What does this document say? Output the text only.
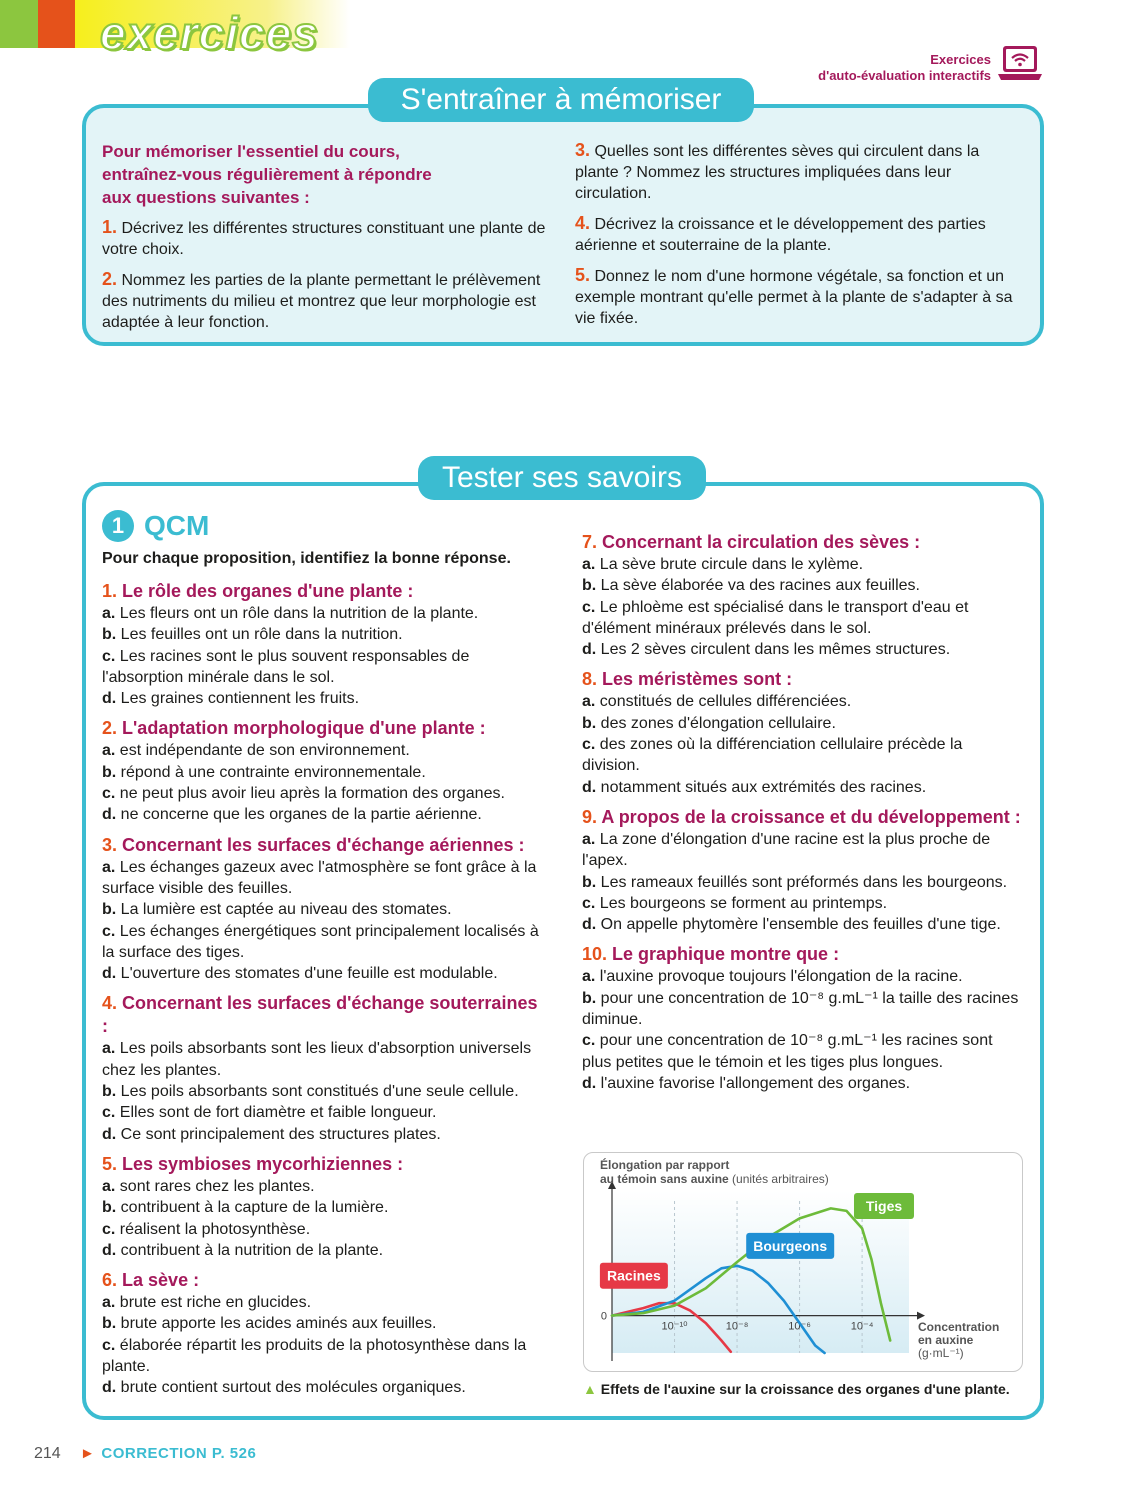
exercices
Exercices
d'auto-évaluation interactifs
S'entraîner à mémoriser
Pour mémoriser l'essentiel du cours, entraînez-vous régulièrement à répondre aux questions suivantes :
1. Décrivez les différentes structures constituant une plante de votre choix.
2. Nommez les parties de la plante permettant le prélèvement des nutriments du milieu et montrez que leur morphologie est adaptée à leur fonction.
3. Quelles sont les différentes sèves qui circulent dans la plante ? Nommez les structures impliquées dans leur circulation.
4. Décrivez la croissance et le développement des parties aérienne et souterraine de la plante.
5. Donnez le nom d'une hormone végétale, sa fonction et un exemple montrant qu'elle permet à la plante de s'adapter à sa vie fixée.
Tester ses savoirs
1 QCM
Pour chaque proposition, identifiez la bonne réponse.
1. Le rôle des organes d'une plante :
a. Les fleurs ont un rôle dans la nutrition de la plante.
b. Les feuilles ont un rôle dans la nutrition.
c. Les racines sont le plus souvent responsables de l'absorption minérale dans le sol.
d. Les graines contiennent les fruits.
2. L'adaptation morphologique d'une plante :
a. est indépendante de son environnement.
b. répond à une contrainte environnementale.
c. ne peut plus avoir lieu après la formation des organes.
d. ne concerne que les organes de la partie aérienne.
3. Concernant les surfaces d'échange aériennes :
a. Les échanges gazeux avec l'atmosphère se font grâce à la surface visible des feuilles.
b. La lumière est captée au niveau des stomates.
c. Les échanges énergétiques sont principalement localisés à la surface des tiges.
d. L'ouverture des stomates d'une feuille est modulable.
4. Concernant les surfaces d'échange souterraines :
a. Les poils absorbants sont les lieux d'absorption universels chez les plantes.
b. Les poils absorbants sont constitués d'une seule cellule.
c. Elles sont de fort diamètre et faible longueur.
d. Ce sont principalement des structures plates.
5. Les symbioses mycorhiziennes :
a. sont rares chez les plantes.
b. contribuent à la capture de la lumière.
c. réalisent la photosynthèse.
d. contribuent à la nutrition de la plante.
6. La sève :
a. brute est riche en glucides.
b. brute apporte les acides aminés aux feuilles.
c. élaborée répartit les produits de la photosynthèse dans la plante.
d. brute contient surtout des molécules organiques.
7. Concernant la circulation des sèves :
a. La sève brute circule dans le xylème.
b. La sève élaborée va des racines aux feuilles.
c. Le phloème est spécialisé dans le transport d'eau et d'élément minéraux prélevés dans le sol.
d. Les 2 sèves circulent dans les mêmes structures.
8. Les méristèmes sont :
a. constitués de cellules différenciées.
b. des zones d'élongation cellulaire.
c. des zones où la différenciation cellulaire précède la division.
d. notamment situés aux extrémités des racines.
9. A propos de la croissance et du développement :
a. La zone d'élongation d'une racine est la plus proche de l'apex.
b. Les rameaux feuillés sont préformés dans les bourgeons.
c. Les bourgeons se forment au printemps.
d. On appelle phytomère l'ensemble des feuilles d'une tige.
10. Le graphique montre que :
a. l'auxine provoque toujours l'élongation de la racine.
b. pour une concentration de 10⁻⁸ g.mL⁻¹ la taille des racines diminue.
c. pour une concentration de 10⁻⁸ g.mL⁻¹ les racines sont plus petites que le témoin et les tiges plus longues.
d. l'auxine favorise l'allongement des organes.
0
10⁻¹⁰	10⁻⁸	10⁻⁶	10⁻⁴
Racines
Bourgeons
Tiges
Élongation par rapport
au témoin sans auxine (unités arbitraires)
Concentration
en auxine
(g·mL⁻¹)
▲ Effets de l'auxine sur la croissance des organes d'une plante.
214 ► CORRECTION P. 526
